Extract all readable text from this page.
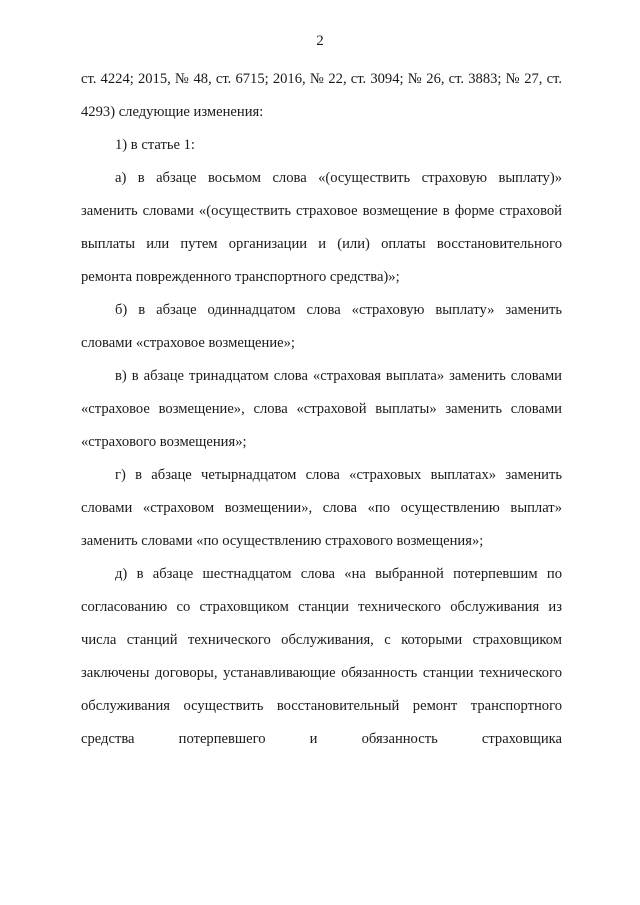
2

ст. 4224; 2015, № 48, ст. 6715; 2016, № 22, ст. 3094; № 26, ст. 3883; № 27, ст. 4293) следующие изменения:

1) в статье 1:

а) в абзаце восьмом слова «(осуществить страховую выплату)» заменить словами «(осуществить страховое возмещение в форме страховой выплаты или путем организации и (или) оплаты восстановительного ремонта поврежденного транспортного средства)»;

б) в абзаце одиннадцатом слова «страховую выплату» заменить словами «страховое возмещение»;

в) в абзаце тринадцатом слова «страховая выплата» заменить словами «страховое возмещение», слова «страховой выплаты» заменить словами «страхового возмещения»;

г) в абзаце четырнадцатом слова «страховых выплатах» заменить словами «страховом возмещении», слова «по осуществлению выплат» заменить словами «по осуществлению страхового возмещения»;

д) в абзаце шестнадцатом слова «на выбранной потерпевшим по согласованию со страховщиком станции технического обслуживания из числа станций технического обслуживания, с которыми страховщиком заключены договоры, устанавливающие обязанность станции технического обслуживания осуществить восстановительный ремонт транспортного средства потерпевшего и обязанность страховщика
